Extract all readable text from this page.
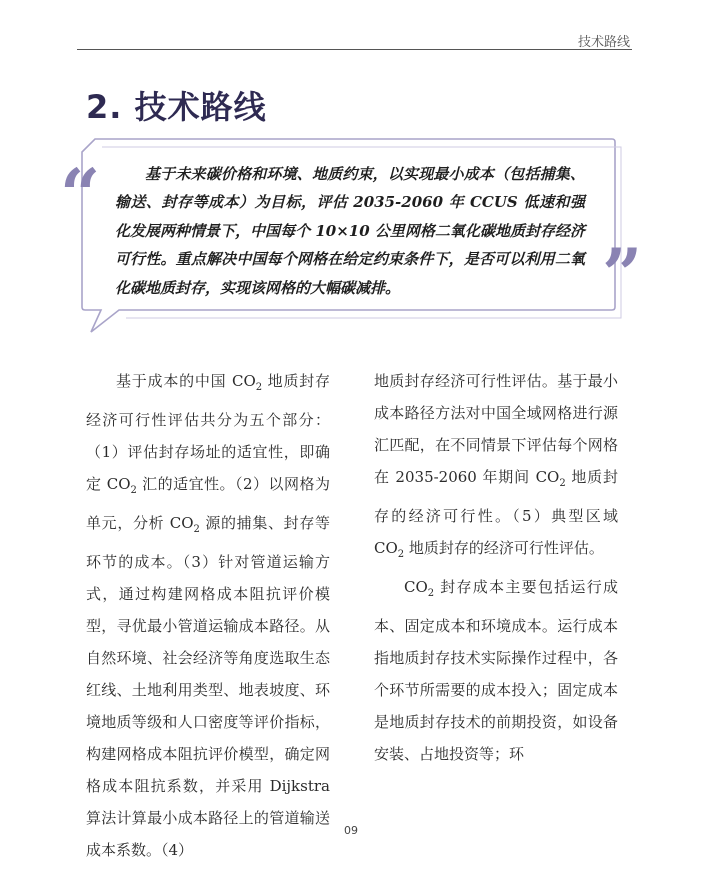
技术路线
2. 技术路线
“
”
基于未来碳价格和环境、地质约束，以实现最小成本（包括捕集、输送、封存等成本）为目标，评估 2035-2060 年 CCUS 低速和强化发展两种情景下，中国每个 10×10 公里网格二氧化碳地质封存经济可行性。重点解决中国每个网格在给定约束条件下，是否可以利用二氧化碳地质封存，实现该网格的大幅碳减排。

基于成本的中国 $CO_2$ 地质封存经济可行性评估共分为五个部分：（1）评估封存场址的适宜性，即确定 $CO_2$ 汇的适宜性。（2）以网格为单元，分析 $CO_2$ 源的捕集、封存等环节的成本。（3）针对管道运输方式，通过构建网格成本阻抗评价模型，寻优最小管道运输成本路径。从自然环境、社会经济等角度选取生态红线、土地利用类型、地表坡度、环境地质等级和人口密度等评价指标，构建网格成本阻抗评价模型，确定网格成本阻抗系数，并采用 Dijkstra 算法计算最小成本路径上的管道输送成本系数。（4）

地质封存经济可行性评估。基于最小成本路径方法对中国全域网格进行源汇匹配，在不同情景下评估每个网格在 2035-2060 年期间 $CO_2$ 地质封存的经济可行性。（5）典型区域 $CO_2$ 地质封存的经济可行性评估。

$CO_2$ 封存成本主要包括运行成本、固定成本和环境成本。运行成本指地质封存技术实际操作过程中，各个环节所需要的成本投入；固定成本是地质封存技术的前期投资，如设备安装、占地投资等；环

09
